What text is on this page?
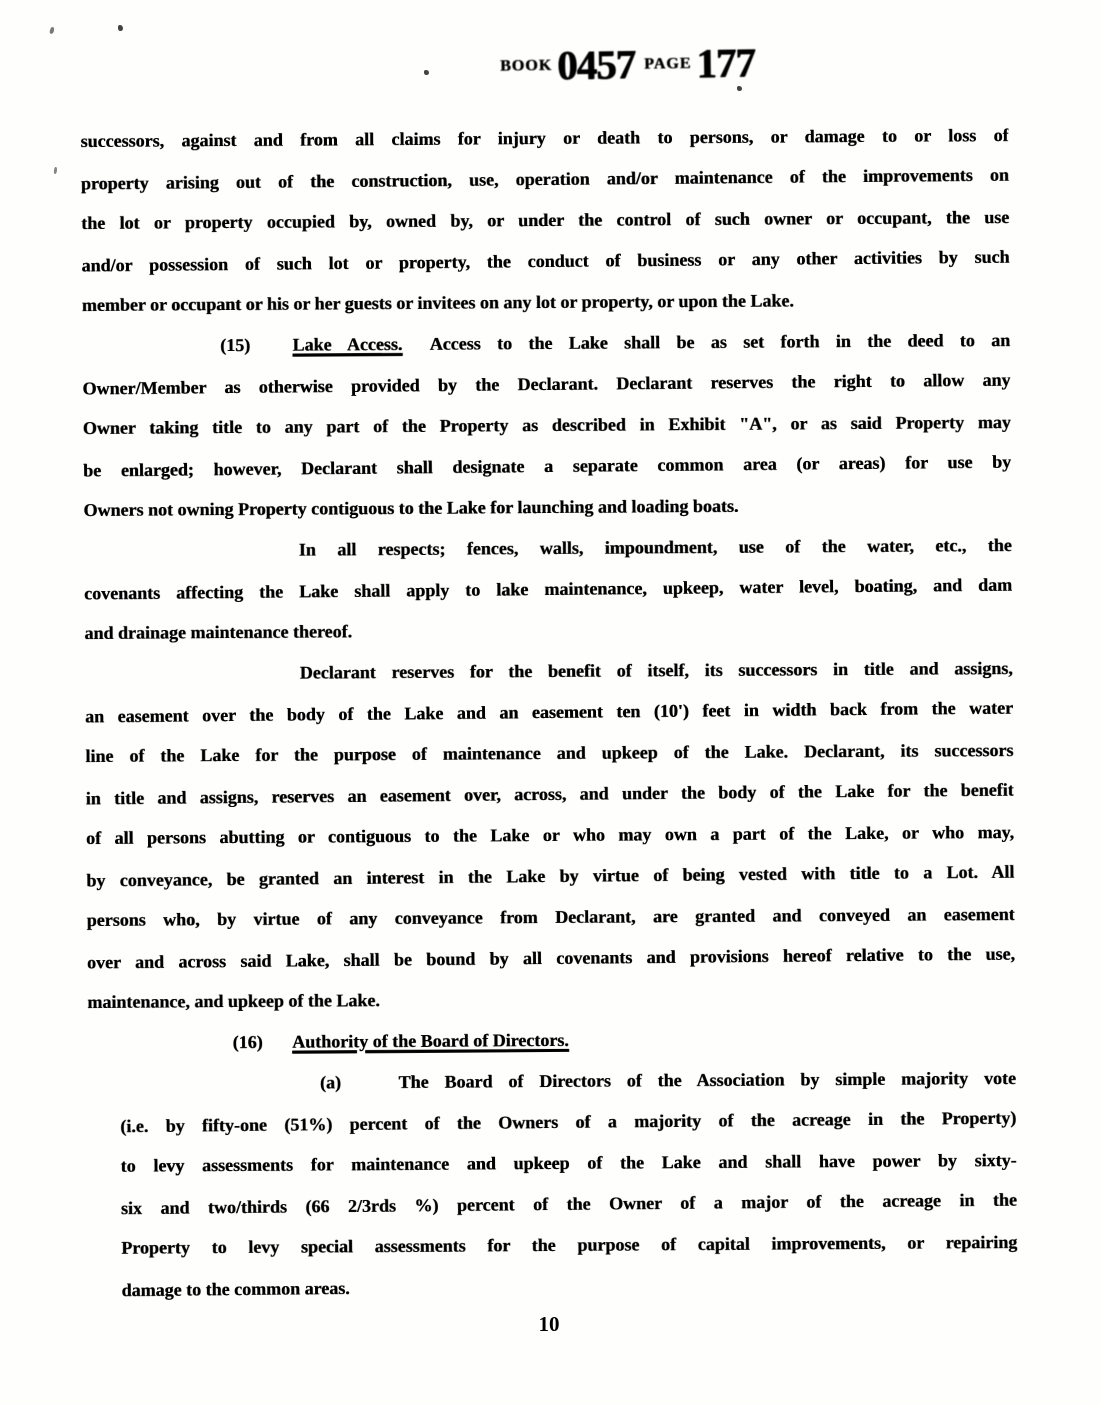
BOOK 0457 PAGE 177
successors, against and from all claims for injury or death to persons, or damage to or loss of
property arising out of the construction, use, operation and/or maintenance of the improvements on
the lot or property occupied by, owned by, or under the control of such owner or occupant, the use
and/or possession of such lot or property, the conduct of business or any other activities by such
member or occupant or his or her guests or invitees on any lot or property, or upon the Lake.
(15) Lake Access. Access to the Lake shall be as set forth in the deed to an
Owner/Member as otherwise provided by the Declarant. Declarant reserves the right to allow any
Owner taking title to any part of the Property as described in Exhibit "A", or as said Property may
be enlarged; however, Declarant shall designate a separate common area (or areas) for use by
Owners not owning Property contiguous to the Lake for launching and loading boats.
In all respects; fences, walls, impoundment, use of the water, etc., the
covenants affecting the Lake shall apply to lake maintenance, upkeep, water level, boating, and dam
and drainage maintenance thereof.
Declarant reserves for the benefit of itself, its successors in title and assigns,
an easement over the body of the Lake and an easement ten (10') feet in width back from the water
line of the Lake for the purpose of maintenance and upkeep of the Lake. Declarant, its successors
in title and assigns, reserves an easement over, across, and under the body of the Lake for the benefit
of all persons abutting or contiguous to the Lake or who may own a part of the Lake, or who may,
by conveyance, be granted an interest in the Lake by virtue of being vested with title to a Lot. All
persons who, by virtue of any conveyance from Declarant, are granted and conveyed an easement
over and across said Lake, shall be bound by all covenants and provisions hereof relative to the use,
maintenance, and upkeep of the Lake.
(16) Authority of the Board of Directors.
(a)	The Board of Directors of the Association by simple majority vote
(i.e. by fifty-one (51%) percent of the Owners of a majority of the acreage in the Property)
to levy assessments for maintenance and upkeep of the Lake and shall have power by sixty-
six and two/thirds (66 2/3rds %) percent of the Owner of a major of the acreage in the
Property to levy special assessments for the purpose of capital improvements, or repairing
damage to the common areas.
10
